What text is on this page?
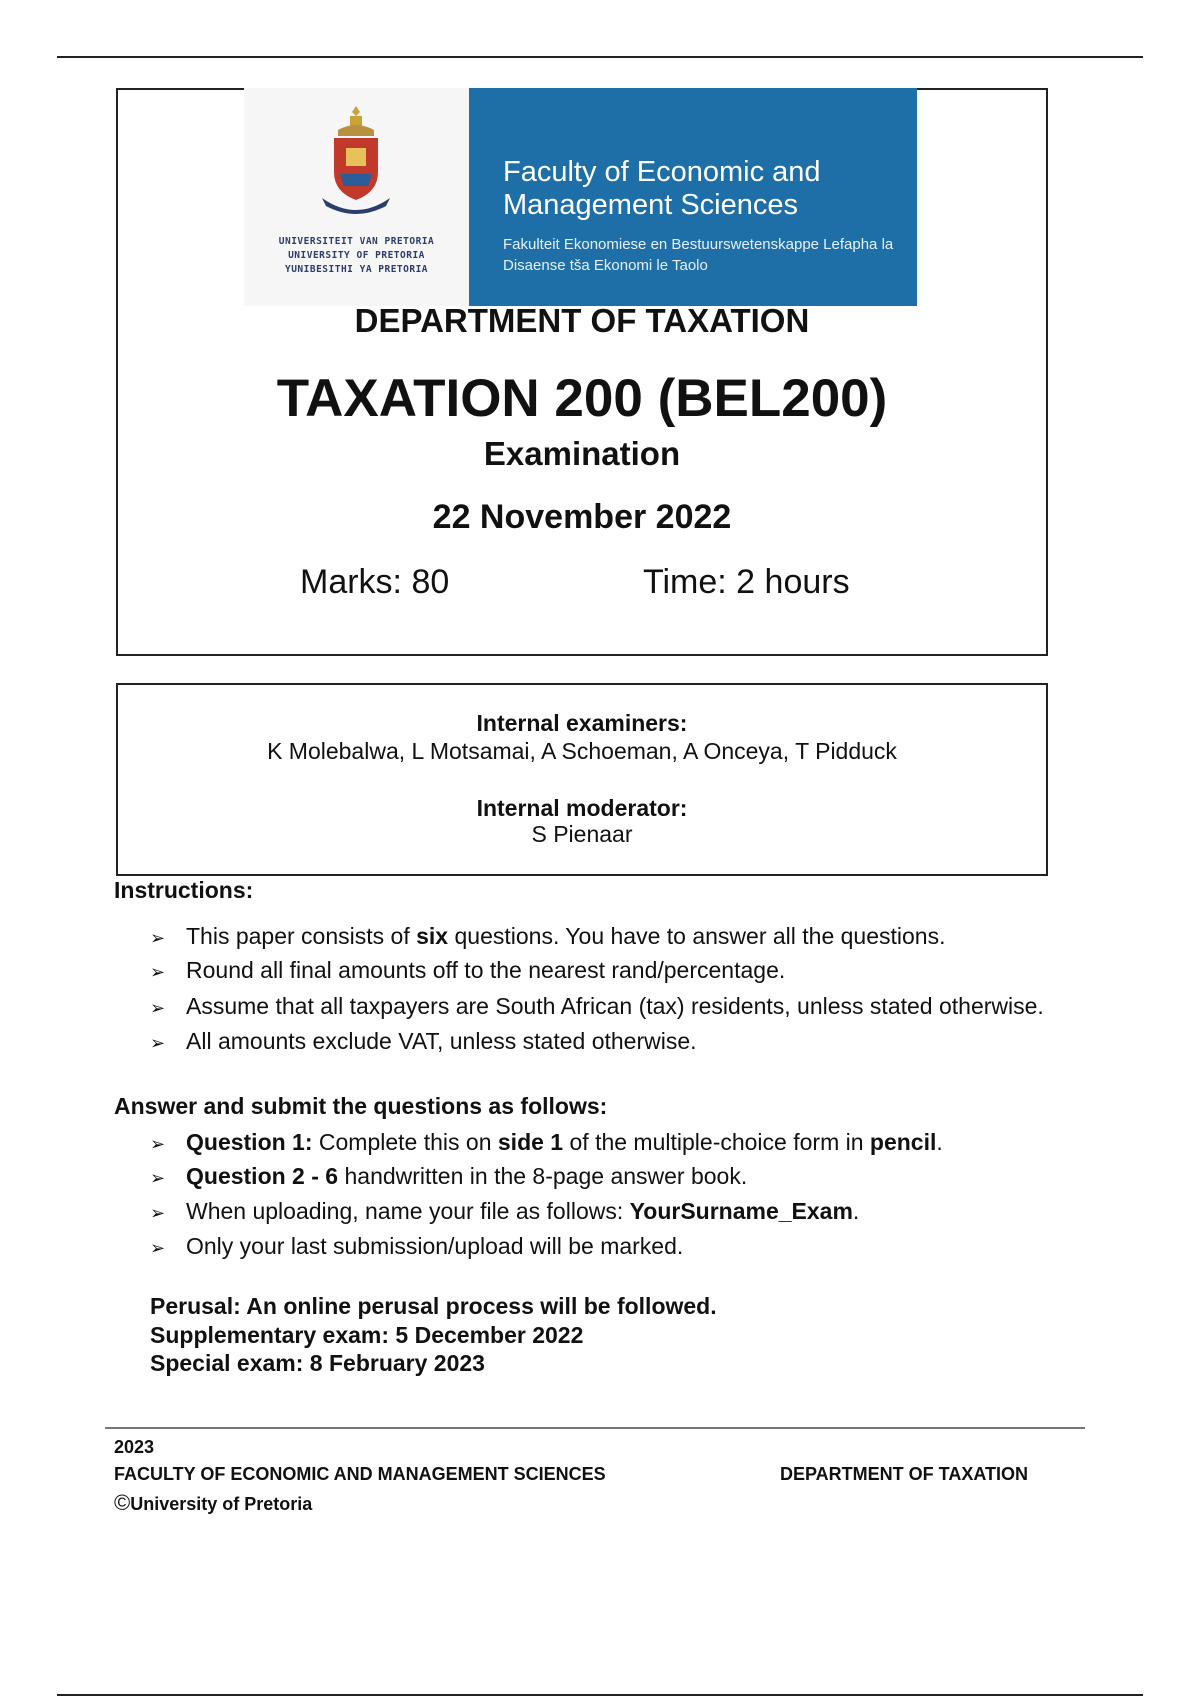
UNIVERSITEIT VAN PRETORIA
UNIVERSITY OF PRETORIA
YUNIBESITHI YA PRETORIA
Faculty of Economic and Management Sciences
Fakulteit Ekonomiese en Bestuurswetenskappe Lefapha la Disaense tša Ekonomi le Taolo
DEPARTMENT OF TAXATION
TAXATION 200 (BEL200)
Examination
22 November 2022
Marks: 80	Time: 2 hours
Internal examiners:
K Molebalwa, L Motsamai, A Schoeman, A Onceya, T Pidduck
Internal moderator:
S Pienaar
Instructions:
➢ This paper consists of six questions. You have to answer all the questions.
➢ Round all final amounts off to the nearest rand/percentage.
➢ Assume that all taxpayers are South African (tax) residents, unless stated otherwise.
➢ All amounts exclude VAT, unless stated otherwise.
Answer and submit the questions as follows:
➢ Question 1: Complete this on side 1 of the multiple-choice form in pencil.
➢ Question 2 - 6 handwritten in the 8-page answer book.
➢ When uploading, name your file as follows: YourSurname_Exam.
➢ Only your last submission/upload will be marked.
Perusal: An online perusal process will be followed.
Supplementary exam: 5 December 2022
Special exam: 8 February 2023
2023
FACULTY OF ECONOMIC AND MANAGEMENT SCIENCES	DEPARTMENT OF TAXATION
©University of Pretoria
